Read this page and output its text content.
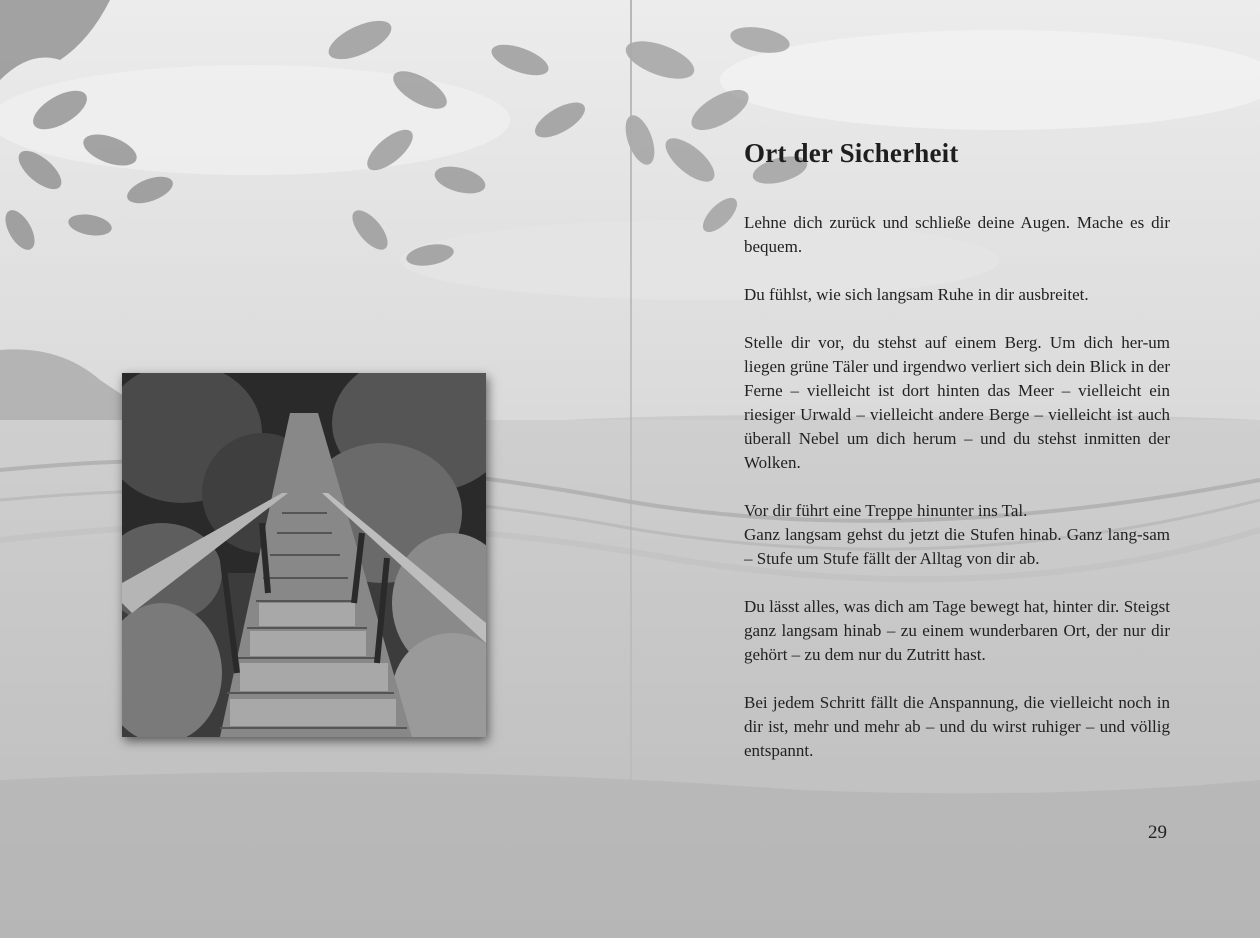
Ort der Sicherheit

Lehne dich zurück und schließe deine Augen. Mache es dir bequem.

Du fühlst, wie sich langsam Ruhe in dir ausbreitet.

Stelle dir vor, du stehst auf einem Berg. Um dich her-um liegen grüne Täler und irgendwo verliert sich dein Blick in der Ferne – vielleicht ist dort hinten das Meer – vielleicht ein riesiger Urwald – vielleicht andere Berge – vielleicht ist auch überall Nebel um dich herum – und du stehst inmitten der Wolken.

Vor dir führt eine Treppe hinunter ins Tal.

Ganz langsam gehst du jetzt die Stufen hinab. Ganz lang-sam – Stufe um Stufe fällt der Alltag von dir ab.

Du lässt alles, was dich am Tage bewegt hat, hinter dir. Steigst ganz langsam hinab – zu einem wunderbaren Ort, der nur dir gehört – zu dem nur du Zutritt hast.

Bei jedem Schritt fällt die Anspannung, die vielleicht noch in dir ist, mehr und mehr ab – und du wirst ruhiger – und völlig entspannt.

29
